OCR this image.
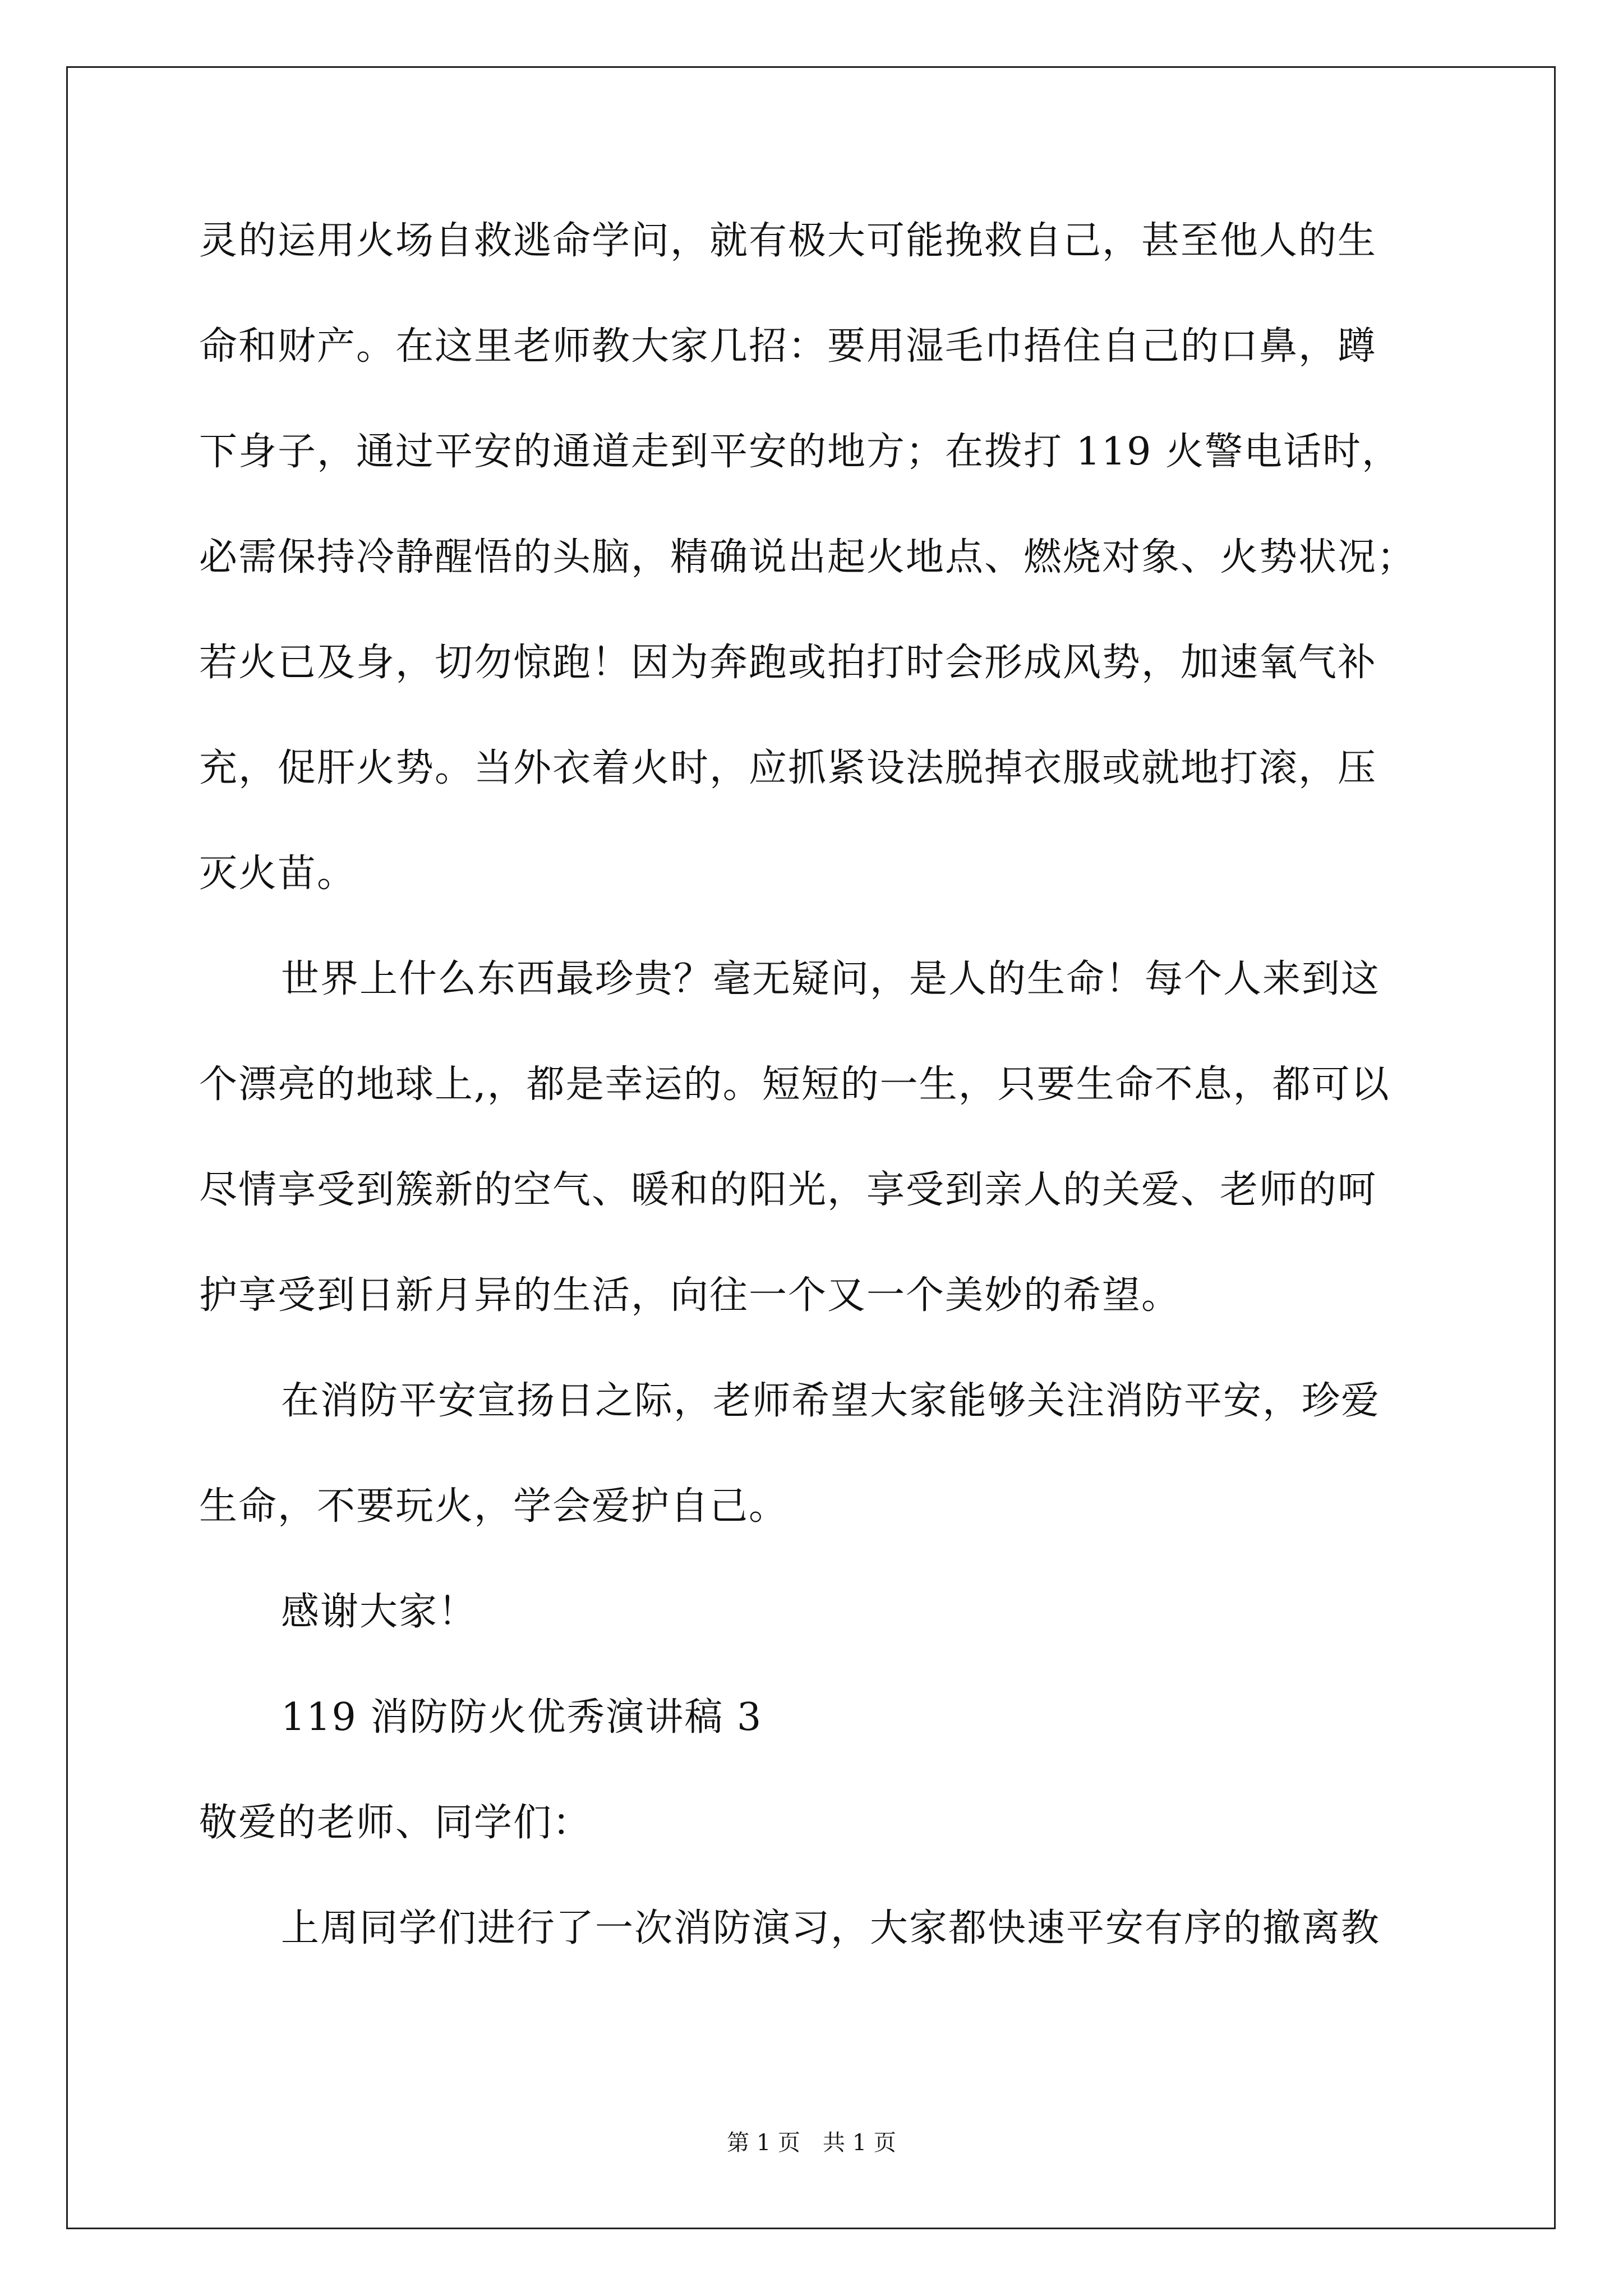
灵的运用火场自救逃命学问，就有极大可能挽救自己，甚至他人的生
命和财产。在这里老师教大家几招：要用湿毛巾捂住自己的口鼻，蹲
下身子，通过平安的通道走到平安的地方；在拨打 119 火警电话时，
必需保持冷静醒悟的头脑，精确说出起火地点、燃烧对象、火势状况；
若火已及身，切勿惊跑！因为奔跑或拍打时会形成风势，加速氧气补
充，促肝火势。当外衣着火时，应抓紧设法脱掉衣服或就地打滚，压
灭火苗。
世界上什么东西最珍贵？毫无疑问，是人的生命！每个人来到这
个漂亮的地球上,，都是幸运的。短短的一生，只要生命不息，都可以
尽情享受到簇新的空气、暖和的阳光，享受到亲人的关爱、老师的呵
护享受到日新月异的生活，向往一个又一个美妙的希望。
在消防平安宣扬日之际，老师希望大家能够关注消防平安，珍爱
生命，不要玩火，学会爱护自己。
感谢大家！
119 消防防火优秀演讲稿 3
敬爱的老师、同学们：
上周同学们进行了一次消防演习，大家都快速平安有序的撤离教
第 1 页　共 1 页
